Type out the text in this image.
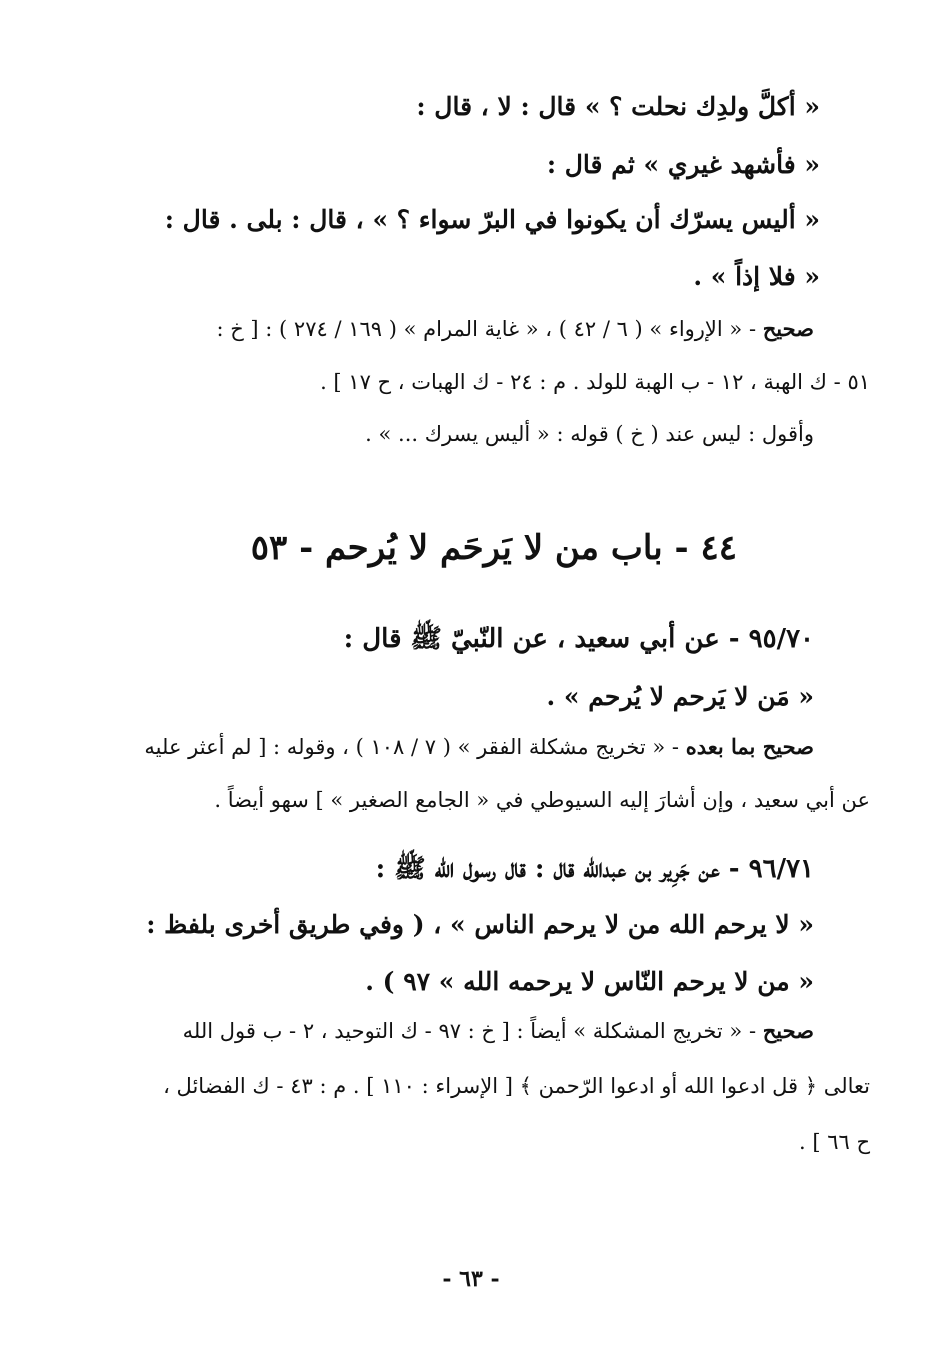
« أكلَّ ولدِك نحلت ؟ » قال : لا ، قال :
« فأشهد غيري » ثم قال :
« أليس يسرّك أن يكونوا في البرّ سواء ؟ » ، قال : بلى . قال :
« فلا إذاً » .
صحيح - « الإرواء » ( ٦ / ٤٢ ) ، « غاية المرام » ( ١٦٩ / ٢٧٤ ) : [ خ :
٥١ - ك الهبة ، ١٢ - ب الهبة للولد . م : ٢٤ - ك الهبات ، ح ١٧ ] .
وأقول : ليس عند ( خ ) قوله : « أليس يسرك ... » .
٤٤ - باب من لا يَرحَم لا يُرحم - ٥٣
٩٥/٧٠ - عن أبي سعيد ، عن النّبيّ ﷺ قال :
« مَن لا يَرحم لا يُرحم » .
صحيح بما بعده - « تخريج مشكلة الفقر » ( ٧ / ١٠٨ ) ، وقوله : [ لم أعثر عليه
عن أبي سعيد ، وإن أشارَ إليه السيوطي في « الجامع الصغير » ] سهو أيضاً .
٩٦/٧١ - عن جَرِير بن عبدالله قال : قال رسول الله ﷺ :
« لا يرحم الله من لا يرحم الناس » ، ( وفي طريق أخرى بلفظ :
« من لا يرحم النّاس لا يرحمه الله » ٩٧ ) .
صحيح - « تخريج المشكلة » أيضاً : [ خ : ٩٧ - ك التوحيد ، ٢ - ب قول الله
تعالى ﴿ قل ادعوا الله أو ادعوا الرّحمن ﴾ [ الإسراء : ١١٠ ] . م : ٤٣ - ك الفضائل ،
ح ٦٦ ] .
- ٦٣ -
